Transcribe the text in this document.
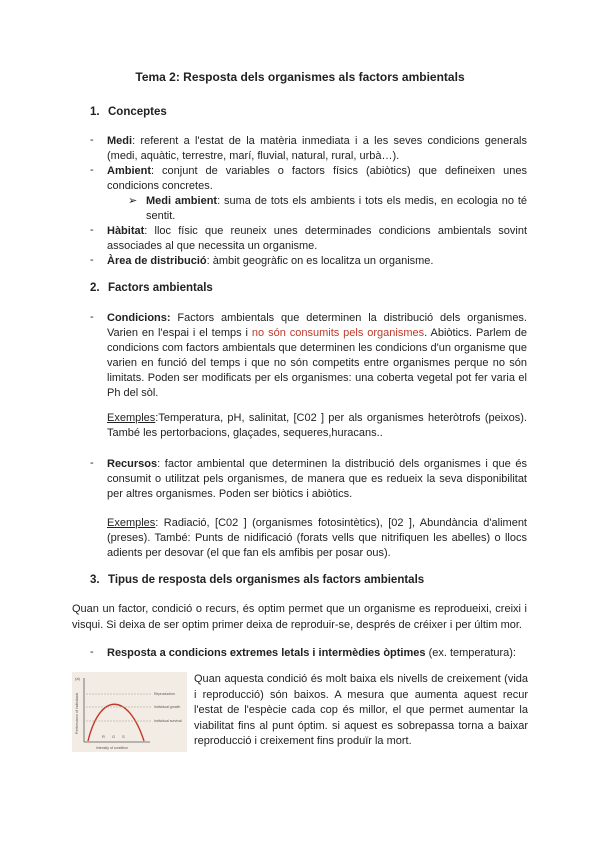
Tema 2: Resposta dels organismes als factors ambientals
1. Conceptes
-	Medi: referent a l'estat de la matèria inmediata i a les seves condicions generals (medi, aquàtic, terrestre, marí, fluvial, natural, rural, urbà…).
-	Ambient: conjunt de variables o factors físics (abiòtics) que defineixen unes condicions concretes.
➢ Medi ambient: suma de tots els ambients i tots els medis, en ecologia no té sentit.
-	Hàbitat: lloc físic que reuneix unes determinades condicions ambientals sovint associades al que necessita un organisme.
-	Àrea de distribució: àmbit geogràfic on es localitza un organisme.
2. Factors ambientals
-	Condicions: Factors ambientals que determinen la distribució dels organismes. Varien en l'espai i el temps i no són consumits pels organismes. Abiòtics. Parlem de condicions com factors ambientals que determinen les condicions d'un organisme que varien en funció del temps i que no són competits entre organismes perque no són limitats. Poden ser modificats per els organismes: una coberta vegetal pot fer varia el Ph del sòl.
Exemples:Temperatura, pH, salinitat, [C02 ] per als organismes heteròtrofs (peixos). També les pertorbacions, glaçades, sequeres,huracans..
-	Recursos: factor ambiental que determinen la distribució dels organismes i que és consumit o utilitzat pels organismes, de manera que es redueix la seva disponibilitat per altres organismes. Poden ser biòtics i abiòtics.
Exemples: Radiació, [C02 ] (organismes fotosintètics), [02 ], Abundància d'aliment (preses). També: Punts de nidificació (forats vells que nitrifiquen les abelles) o llocs adients per desovar (el que fan els amfibis per posar ous).
3. Tipus de resposta dels organismes als factors ambientals
Quan un factor, condició o recurs, és optim permet que un organisme es reprodueixi, creixi i visqui. Si deixa de ser optim primer deixa de reproduir-se, després de créixer i per últim mor.
-	Resposta a condicions extremes letals i intermèdies òptimes (ex. temperatura):
(a)
Performance of individuals	Reproduction
Individual growth
Individual survival
R G S
Intensity of condition
Quan aquesta condició és molt baixa els nivells de creixement (vida i reproducció) són baixos. A mesura que aumenta aquest recur l'estat de l'espècie cada cop és millor, el que permet aumentar la viabilitat fins al punt óptim. si aquest es sobrepassa torna a baixar reproducció i creixement fins produïr la mort.
